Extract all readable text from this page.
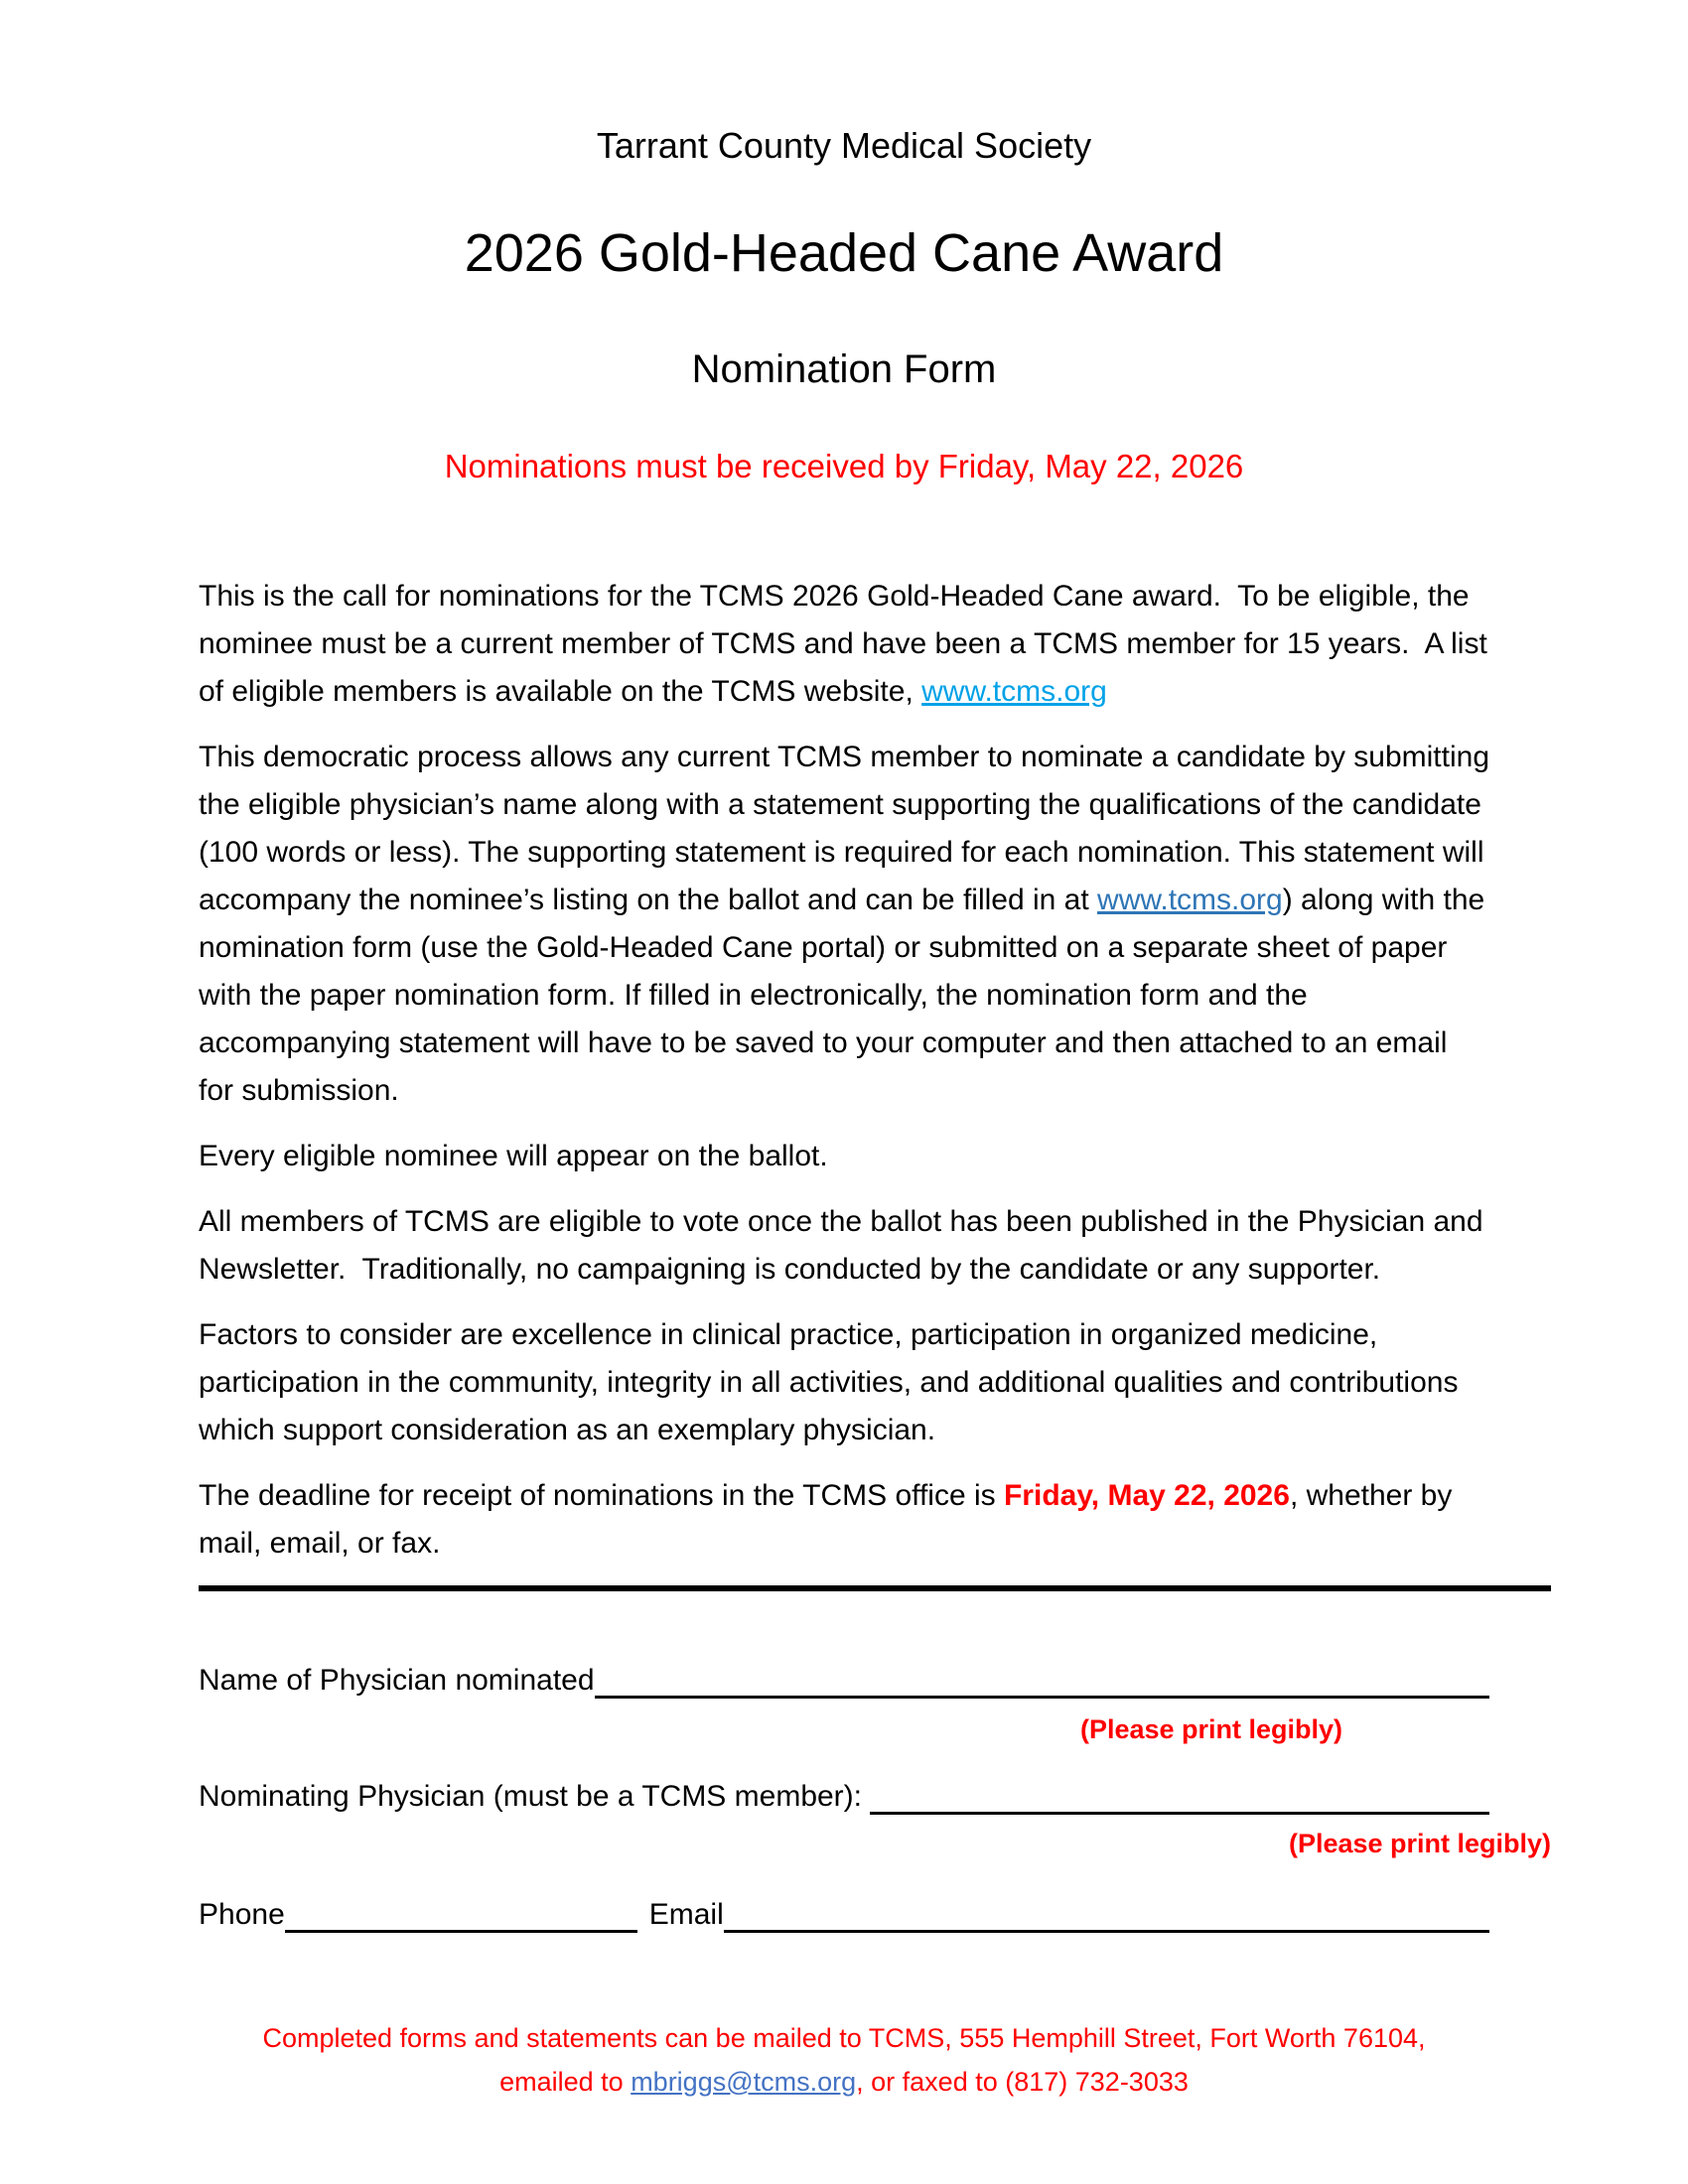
Tarrant County Medical Society
2026 Gold-Headed Cane Award
Nomination Form
Nominations must be received by Friday, May 22, 2026

This is the call for nominations for the TCMS 2026 Gold-Headed Cane award.  To be eligible, the nominee must be a current member of TCMS and have been a TCMS member for 15 years.  A list of eligible members is available on the TCMS website, www.tcms.org

This democratic process allows any current TCMS member to nominate a candidate by submitting the eligible physician’s name along with a statement supporting the qualifications of the candidate (100 words or less). The supporting statement is required for each nomination. This statement will accompany the nominee’s listing on the ballot and can be filled in at www.tcms.org) along with the nomination form (use the Gold-Headed Cane portal) or submitted on a separate sheet of paper with the paper nomination form. If filled in electronically, the nomination form and the accompanying statement will have to be saved to your computer and then attached to an email for submission.

Every eligible nominee will appear on the ballot.

All members of TCMS are eligible to vote once the ballot has been published in the Physician and Newsletter.  Traditionally, no campaigning is conducted by the candidate or any supporter.

Factors to consider are excellence in clinical practice, participation in organized medicine, participation in the community, integrity in all activities, and additional qualities and contributions which support consideration as an exemplary physician.

The deadline for receipt of nominations in the TCMS office is Friday, May 22, 2026, whether by mail, email, or fax.

Name of Physician nominated
(Please print legibly)
Nominating Physician (must be a TCMS member):
(Please print legibly)
Phone	Email
Completed forms and statements can be mailed to TCMS, 555 Hemphill Street, Fort Worth 76104, emailed to mbriggs@tcms.org, or faxed to (817) 732-3033
